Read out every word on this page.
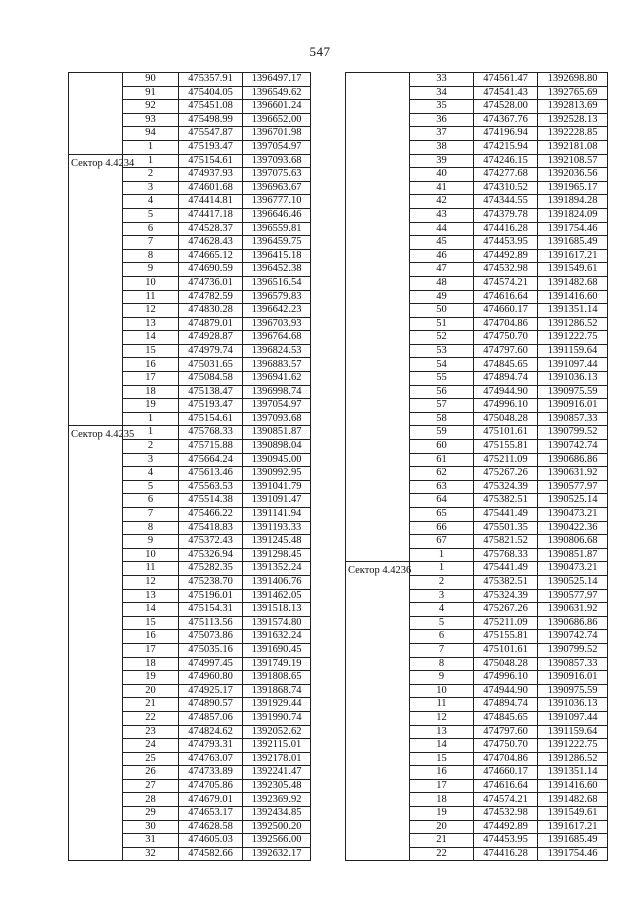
547
	90	475357.91	1396497.17
	91	475404.05	1396549.62
	92	475451.08	1396601.24
	93	475498.99	1396652.00
	94	475547.87	1396701.98
	1	475193.47	1397054.97
Сектор 4.4234	1	475154.61	1397093.68
	2	474937.93	1397075.63
	3	474601.68	1396963.67
	4	474414.81	1396777.10
	5	474417.18	1396646.46
	6	474528.37	1396559.81
	7	474628.43	1396459.75
	8	474665.12	1396415.18
	9	474690.59	1396452.38
	10	474736.01	1396516.54
	11	474782.59	1396579.83
	12	474830.28	1396642.23
	13	474879.01	1396703.93
	14	474928.87	1396764.68
	15	474979.74	1396824.53
	16	475031.65	1396883.57
	17	475084.58	1396941.62
	18	475138.47	1396998.74
	19	475193.47	1397054.97
	1	475154.61	1397093.68
Сектор 4.4235	1	475768.33	1390851.87
	2	475715.88	1390898.04
	3	475664.24	1390945.00
	4	475613.46	1390992.95
	5	475563.53	1391041.79
	6	475514.38	1391091.47
	7	475466.22	1391141.94
	8	475418.83	1391193.33
	9	475372.43	1391245.48
	10	475326.94	1391298.45
	11	475282.35	1391352.24
	12	475238.70	1391406.76
	13	475196.01	1391462.05
	14	475154.31	1391518.13
	15	475113.56	1391574.80
	16	475073.86	1391632.24
	17	475035.16	1391690.45
	18	474997.45	1391749.19
	19	474960.80	1391808.65
	20	474925.17	1391868.74
	21	474890.57	1391929.44
	22	474857.06	1391990.74
	23	474824.62	1392052.62
	24	474793.31	1392115.01
	25	474763.07	1392178.01
	26	474733.89	1392241.47
	27	474705.86	1392305.48
	28	474679.01	1392369.92
	29	474653.17	1392434.85
	30	474628.58	1392500.20
	31	474605.03	1392566.00
	32	474582.66	1392632.17
	33	474561.47	1392698.80
	34	474541.43	1392765.69
	35	474528.00	1392813.69
	36	474367.76	1392528.13
	37	474196.94	1392228.85
	38	474215.94	1392181.08
	39	474246.15	1392108.57
	40	474277.68	1392036.56
	41	474310.52	1391965.17
	42	474344.55	1391894.28
	43	474379.78	1391824.09
	44	474416.28	1391754.46
	45	474453.95	1391685.49
	46	474492.89	1391617.21
	47	474532.98	1391549.61
	48	474574.21	1391482.68
	49	474616.64	1391416.60
	50	474660.17	1391351.14
	51	474704.86	1391286.52
	52	474750.70	1391222.75
	53	474797.60	1391159.64
	54	474845.65	1391097.44
	55	474894.74	1391036.13
	56	474944.90	1390975.59
	57	474996.10	1390916.01
	58	475048.28	1390857.33
	59	475101.61	1390799.52
	60	475155.81	1390742.74
	61	475211.09	1390686.86
	62	475267.26	1390631.92
	63	475324.39	1390577.97
	64	475382.51	1390525.14
	65	475441.49	1390473.21
	66	475501.35	1390422.36
	67	475821.52	1390806.68
	1	475768.33	1390851.87
Сектор 4.4236	1	475441.49	1390473.21
	2	475382.51	1390525.14
	3	475324.39	1390577.97
	4	475267.26	1390631.92
	5	475211.09	1390686.86
	6	475155.81	1390742.74
	7	475101.61	1390799.52
	8	475048.28	1390857.33
	9	474996.10	1390916.01
	10	474944.90	1390975.59
	11	474894.74	1391036.13
	12	474845.65	1391097.44
	13	474797.60	1391159.64
	14	474750.70	1391222.75
	15	474704.86	1391286.52
	16	474660.17	1391351.14
	17	474616.64	1391416.60
	18	474574.21	1391482.68
	19	474532.98	1391549.61
	20	474492.89	1391617.21
	21	474453.95	1391685.49
	22	474416.28	1391754.46
